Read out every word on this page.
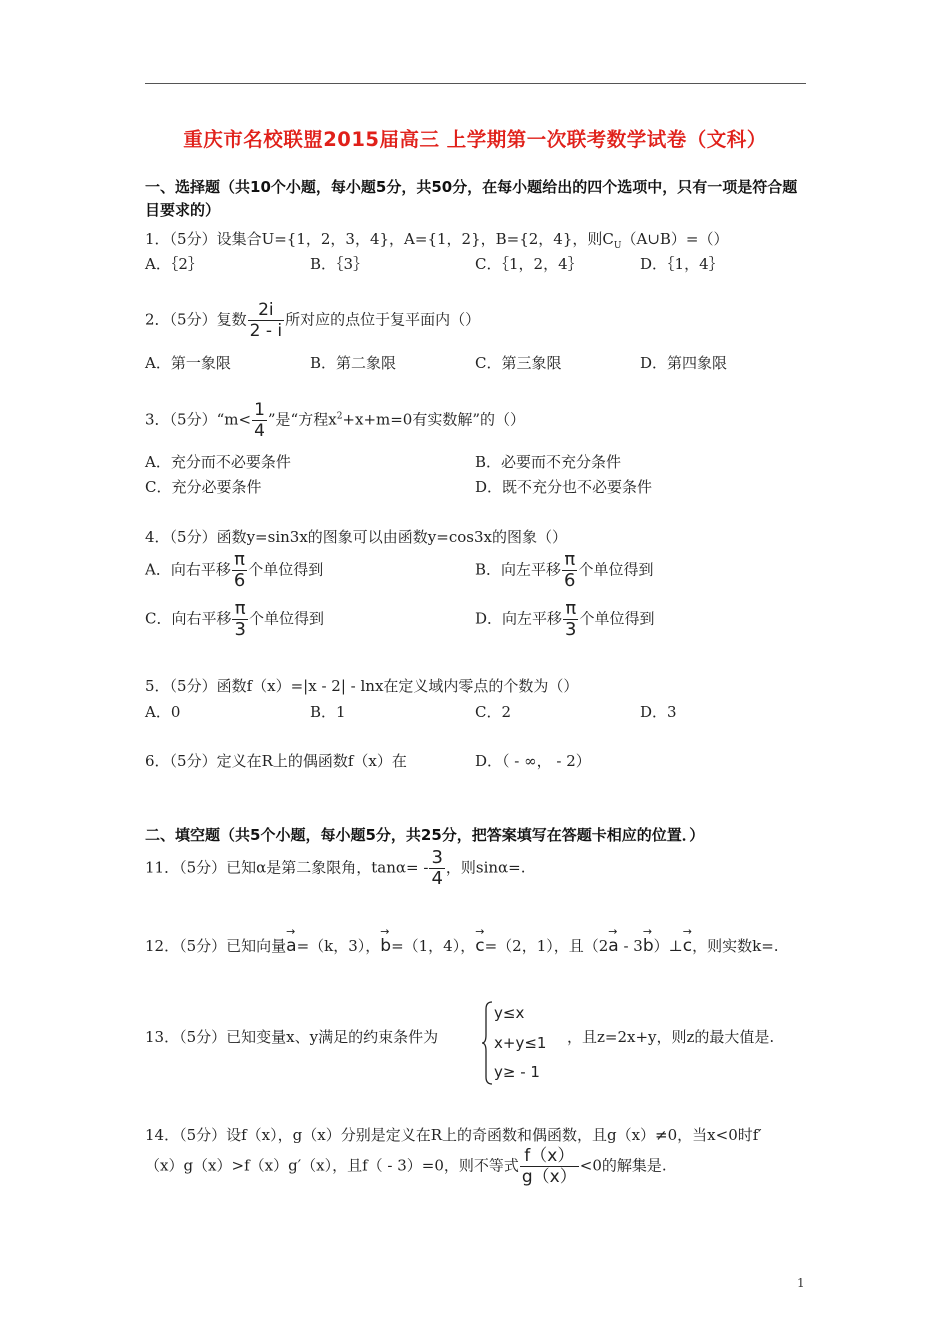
重庆市名校联盟2015届高三 上学期第一次联考数学试卷（文科）
一、选择题（共10个小题，每小题5分，共50分，在每小题给出的四个选项中，只有一项是符合题目要求的）
1．（5分）设集合U={1，2，3，4}，A={1，2}，B={2，4}，则$C_U(A\cup B)=()$
A．｛2｝	B．｛3｝	C．｛1，2，4｝	D．｛1，4｝
2．（5分）复数 $\frac{2i}{2 - i}$ 所对应的点位于复平面内（）
A．第一象限	B．第二象限	C．第三象限	D．第四象限
3．（5分）“m< $\frac{1}{4}$ ”是“方程$x^2+x+m=0$有实数解”的（）
A．充分而不必要条件	B．必要而不充分条件
C．充分必要条件	D．既不充分也不必要条件
4．（5分）函数y=sin3x的图象可以由函数y=cos3x的图象（）
A．向右平移 $\frac{\pi}{6}$ 个单位得到	B．向左平移 $\frac{\pi}{6}$ 个单位得到
C．向右平移 $\frac{\pi}{3}$ 个单位得到	D．向左平移 $\frac{\pi}{3}$ 个单位得到
5．（5分）函数f（x）=|x - 2| - lnx在定义域内零点的个数为（）
A．0	B．1	C．2	D．3
6．（5分）定义在R上的偶函数f（x）在	D．（ - ∞， - 2）
二、填空题（共5个小题，每小题5分，共25分，把答案填写在答题卡相应的位置．）
11．（5分）已知α是第二象限角，$\tan\alpha= - \frac{3}{4}$ ，则sinα=.
12．（5分）已知向量→ a=（k，3），→ b=（1，4），→ c=（2，1），且（2→ a - 3→ b）⊥→ c，则实数k=.
13．（5分）已知变量x、y满足的约束条件为
y≤x
x+y≤1
y≥ - 1
，且z=2x+y，则z的最大值是.
14．（5分）设f（x），g（x）分别是定义在R上的奇函数和偶函数，且g（x）≠0，当x<0时f′
（x）g（x）>f（x）g′（x），且f（ - 3）=0，则不等式 $\frac{f(x)}{g(x)} <0$的解集是.
1
